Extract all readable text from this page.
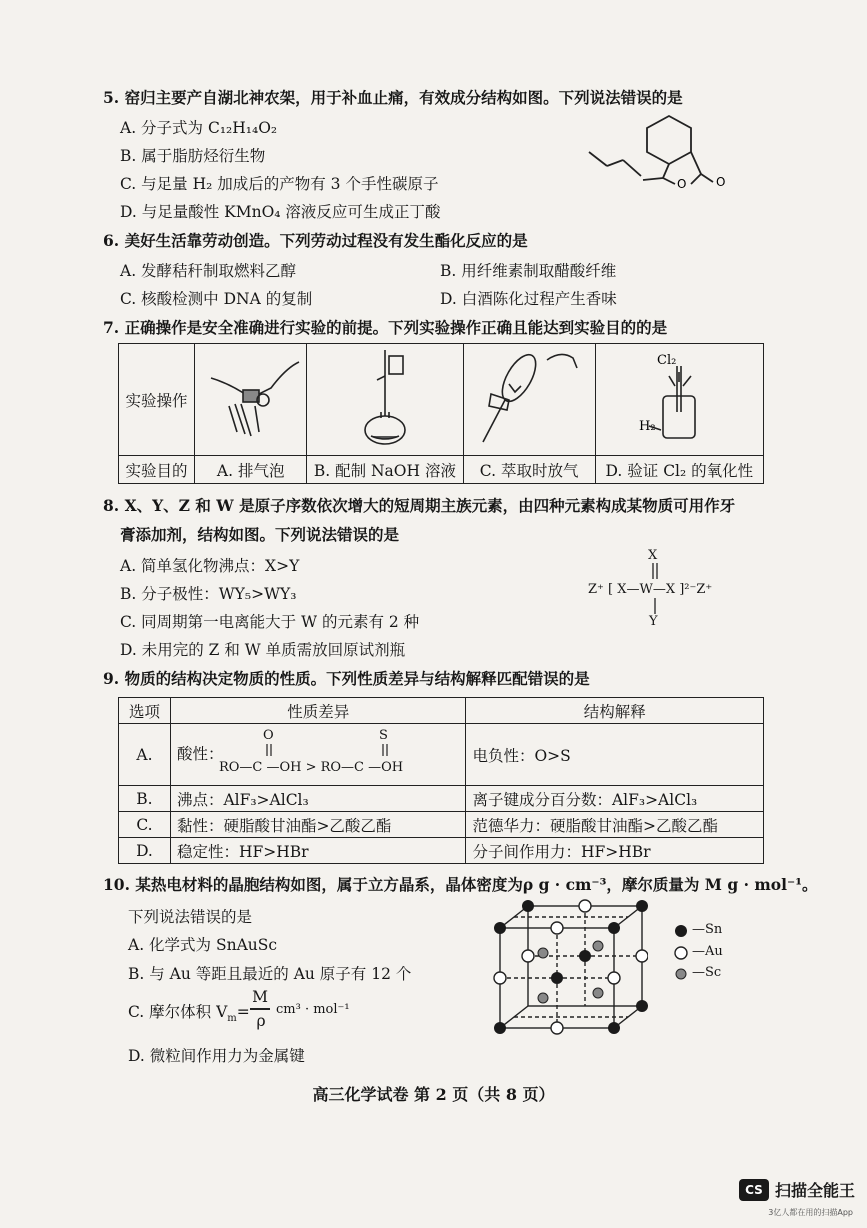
5. 窑归主要产自湖北神农架，用于补血止痛，有效成分结构如图。下列说法错误的是
A. 分子式为 C₁₂H₁₄O₂
B. 属于脂肪烃衍生物
C. 与足量 H₂ 加成后的产物有 3 个手性碳原子
D. 与足量酸性 KMnO₄ 溶液反应可生成正丁酸
O O
6. 美好生活靠劳动创造。下列劳动过程没有发生酯化反应的是
A. 发酵秸秆制取燃料乙醇	B. 用纤维素制取醋酸纤维
C. 核酸检测中 DNA 的复制	D. 白酒陈化过程产生香味
7. 正确操作是安全准确进行实验的前提。下列实验操作正确且能达到实验目的的是
实验操作				Cl₂
H₂

实验目的	A. 排气泡	B. 配制 NaOH 溶液	C. 萃取时放气	D. 验证 Cl₂ 的氧化性
8. X、Y、Z 和 W 是原子序数依次增大的短周期主族元素，由四种元素构成某物质可用作牙
膏添加剂，结构如图。下列说法错误的是
A. 简单氢化物沸点：X>Y
B. 分子极性：WY₅>WY₃
C. 同周期第一电离能大于 W 的元素有 2 种
D. 未用完的 Z 和 W 单质需放回原试剂瓶
X
Z⁺ [ X—W—X ]²⁻Z⁺
Y
9. 物质的结构决定物质的性质。下列性质差异与结构解释匹配错误的是
选项	性质差异	结构解释
A.	酸性：
O S
RO—C —OH > RO—C —OH	电负性：O>S
B.	沸点：AlF₃>AlCl₃	离子键成分百分数：AlF₃>AlCl₃
C.	黏性：硬脂酸甘油酯>乙酸乙酯	范德华力：硬脂酸甘油酯>乙酸乙酯
D.	稳定性：HF>HBr	分子间作用力：HF>HBr
10. 某热电材料的晶胞结构如图，属于立方晶系，晶体密度为ρ g · cm⁻³，摩尔质量为 M g · mol⁻¹。
下列说法错误的是
A. 化学式为 SnAuSc
B. 与 Au 等距且最近的 Au 原子有 12 个
C. 摩尔体积 $V_m=$
M
ρ
cm³ · mol⁻¹
D. 微粒间作用力为金属键
—Sn
—Au
—Sc
高三化学试卷 第 2 页（共 8 页）
CS 扫描全能王
3亿人都在用的扫描App
